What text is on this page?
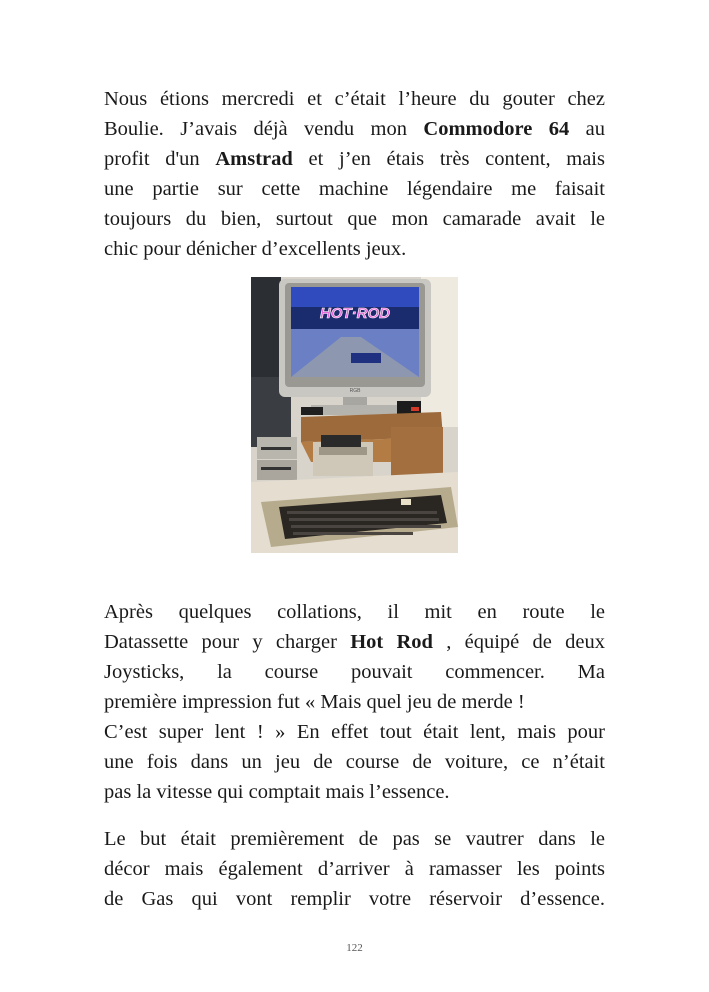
Nous étions mercredi et c’était l’heure du gouter chez
Boulie. J’avais déjà vendu mon Commodore 64 au
profit d'un Amstrad et j’en étais très content, mais
une partie sur cette machine légendaire me faisait
toujours du bien, surtout que mon camarade avait le
chic pour dénicher d’excellents jeux.
HOT·ROD
RGB
Après quelques collations, il mit en route le
Datassette pour y charger Hot Rod , équipé de deux
Joysticks, la course pouvait commencer. Ma
première impression fut « Mais quel jeu de merde !
C’est super lent ! » En effet tout était lent, mais pour
une fois dans un jeu de course de voiture, ce n’était
pas la vitesse qui comptait mais l’essence.
Le but était premièrement de pas se vautrer dans le
décor mais également d’arriver à ramasser les points
de Gas qui vont remplir votre réservoir d’essence.
122
